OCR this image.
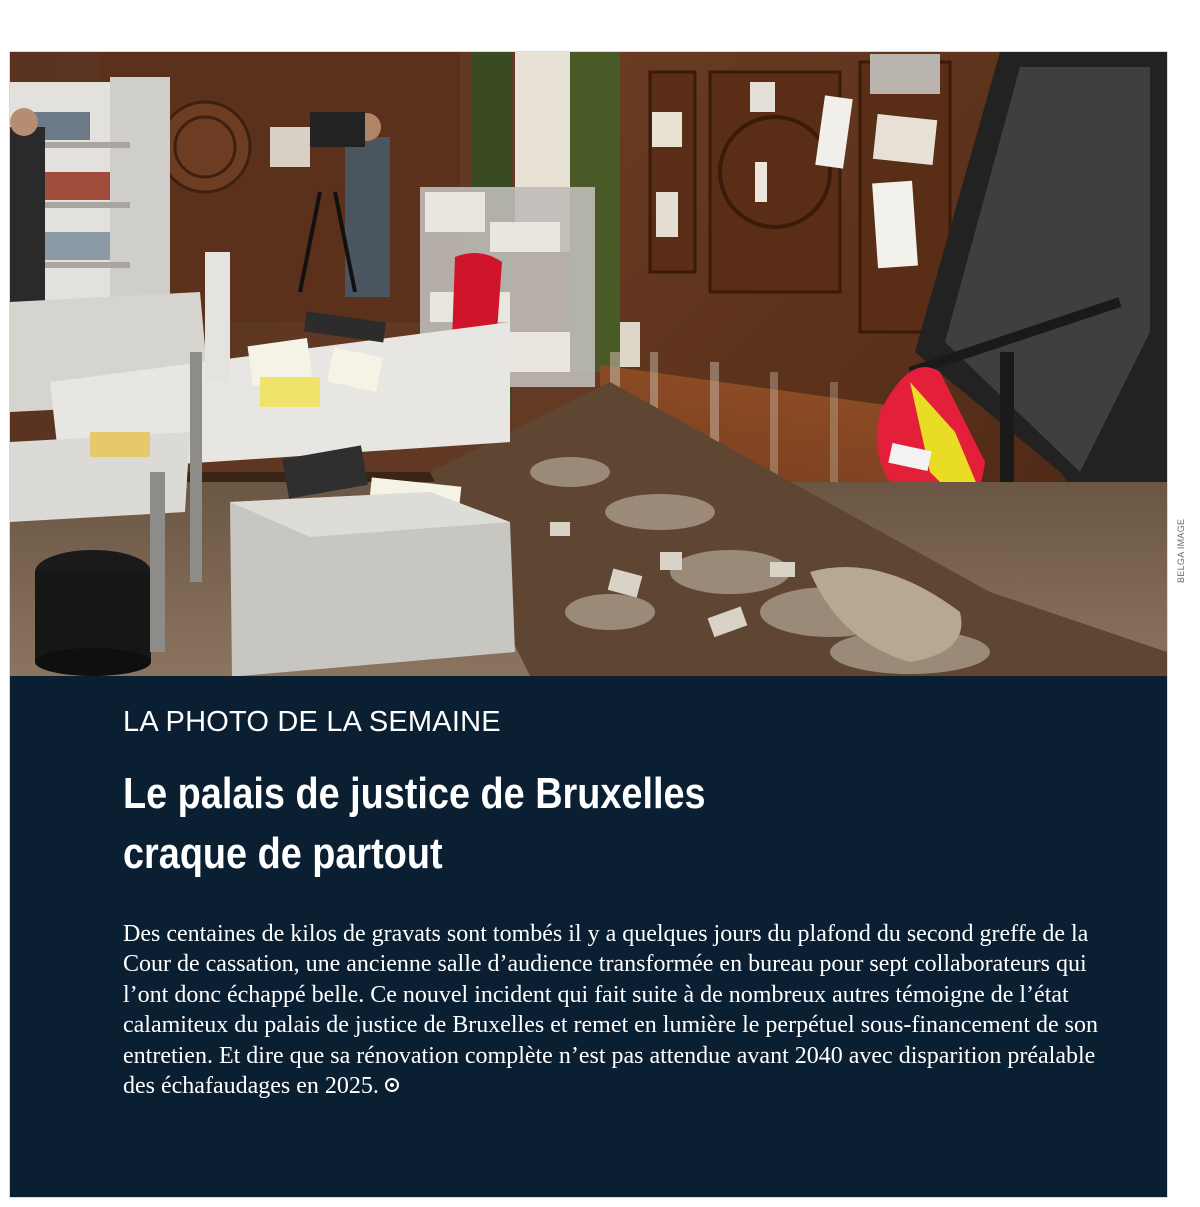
BELGA IMAGE
LA PHOTO DE LA SEMAINE
Le palais de justice de Bruxelles
craque de partout

Des centaines de kilos de gravats sont tombés il y a quelques jours du plafond du second greffe de la Cour de cassation, une ancienne salle d’audience transformée en bureau pour sept collaborateurs qui l’ont donc échappé belle. Ce nouvel incident qui fait suite à de nombreux autres témoigne de l’état calamiteux du palais de justice de Bruxelles et remet en lumière le perpétuel sous-financement de son entretien. Et dire que sa rénovation complète n’est pas attendue avant 2040 avec disparition préalable des échafaudages en 2025.
